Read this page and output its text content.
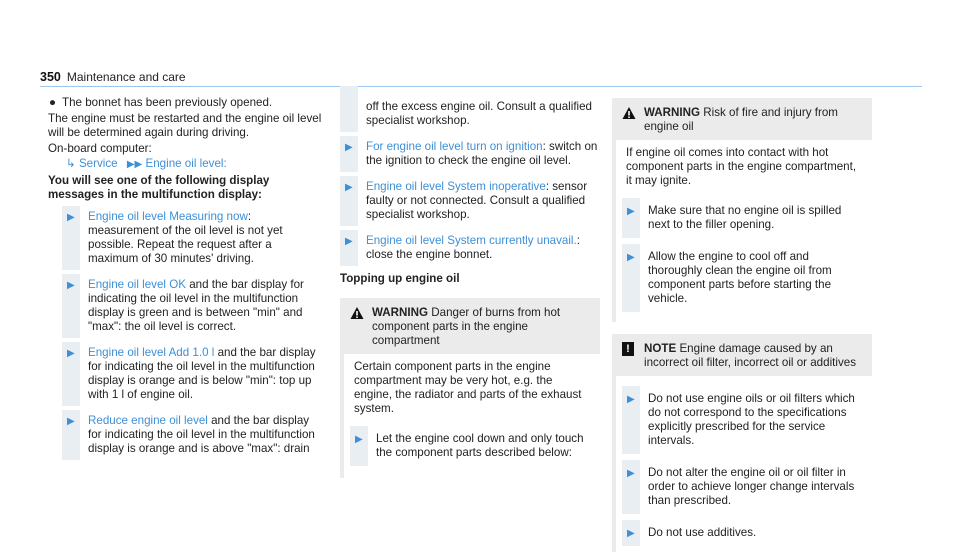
350 Maintenance and care

● The bonnet has been previously opened.

The engine must be restarted and the engine oil level will be determined again during driving.

On-board computer:

↳ Service ▶▶ Engine oil level:

You will see one of the following display messages in the multifunction display:

▶ Engine oil level Measuring now: measurement of the oil level is not yet possible. Repeat the request after a maximum of 30 minutes' driving.

▶ Engine oil level OK and the bar display for indicating the oil level in the multifunction display is green and is between "min" and "max": the oil level is correct.

▶ Engine oil level Add 1.0 l and the bar display for indicating the oil level in the multifunction display is orange and is below "min": top up with 1 l of engine oil.

▶ Reduce engine oil level and the bar display for indicating the oil level in the multifunction display is orange and is above "max": drain

off the excess engine oil. Consult a qualified specialist workshop.

▶ For engine oil level turn on ignition: switch on the ignition to check the engine oil level.

▶ Engine oil level System inoperative: sensor faulty or not connected. Consult a qualified specialist workshop.

▶ Engine oil level System currently unavail.: close the engine bonnet.

Topping up engine oil

WARNING Danger of burns from hot component parts in the engine compartment

Certain component parts in the engine compartment may be very hot, e.g. the engine, the radiator and parts of the exhaust system.

▶ Let the engine cool down and only touch the component parts described below:

WARNING Risk of fire and injury from engine oil

If engine oil comes into contact with hot component parts in the engine compartment, it may ignite.

▶ Make sure that no engine oil is spilled next to the filler opening.

▶ Allow the engine to cool off and thoroughly clean the engine oil from component parts before starting the vehicle.

!	NOTE Engine damage caused by an incorrect oil filter, incorrect oil or additives

▶ Do not use engine oils or oil filters which do not correspond to the specifications explicitly prescribed for the service intervals.

▶ Do not alter the engine oil or oil filter in order to achieve longer change intervals than prescribed.

▶ Do not use additives.
